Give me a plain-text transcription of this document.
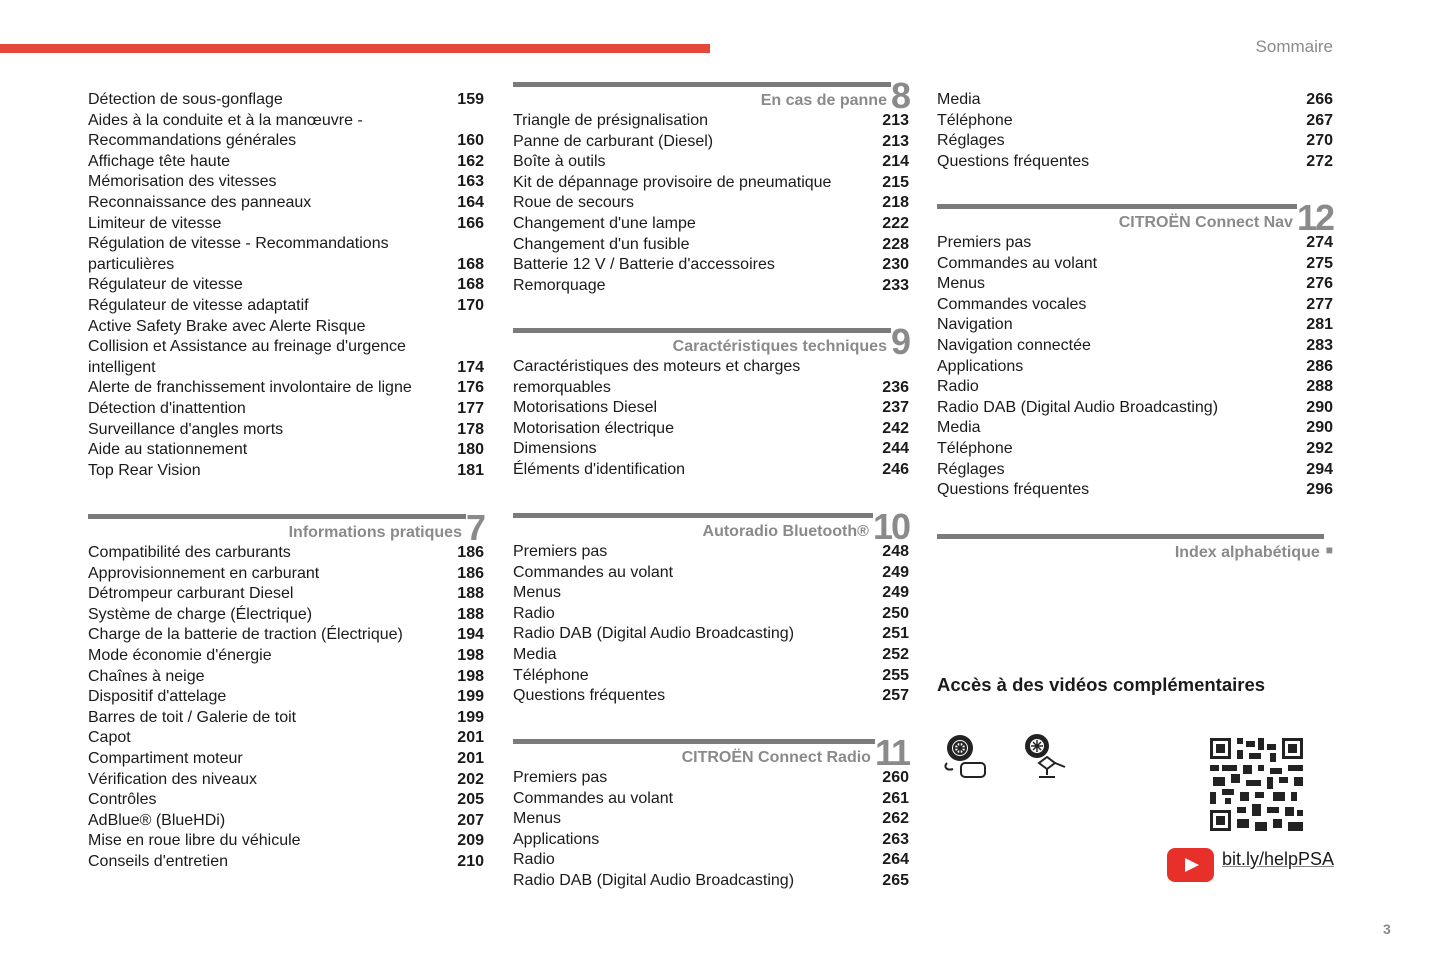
Sommaire
Détection de sous-gonflage	159
Aides à la conduite et à la manœuvre -
Recommandations générales	160
Affichage tête haute	162
Mémorisation des vitesses	163
Reconnaissance des panneaux	164
Limiteur de vitesse	166
Régulation de vitesse - Recommandations
particulières	168
Régulateur de vitesse	168
Régulateur de vitesse adaptatif	170
Active Safety Brake avec Alerte Risque
Collision et Assistance au freinage d'urgence
intelligent	174
Alerte de franchissement involontaire de ligne	176
Détection d'inattention	177
Surveillance d'angles morts	178
Aide au stationnement	180
Top Rear Vision	181
Informations pratiques 7
Compatibilité des carburants	186
Approvisionnement en carburant	186
Détrompeur carburant Diesel	188
Système de charge (Électrique)	188
Charge de la batterie de traction (Électrique)	194
Mode économie d'énergie	198
Chaînes à neige	198
Dispositif d'attelage	199
Barres de toit / Galerie de toit	199
Capot	201
Compartiment moteur	201
Vérification des niveaux	202
Contrôles	205
AdBlue® (BlueHDi)	207
Mise en roue libre du véhicule	209
Conseils d'entretien	210
En cas de panne 8
Triangle de présignalisation	213
Panne de carburant (Diesel)	213
Boîte à outils	214
Kit de dépannage provisoire de pneumatique	215
Roue de secours	218
Changement d'une lampe	222
Changement d'un fusible	228
Batterie 12 V / Batterie d'accessoires	230
Remorquage	233
Caractéristiques techniques 9
Caractéristiques des moteurs et charges
remorquables	236
Motorisations Diesel	237
Motorisation électrique	242
Dimensions	244
Éléments d'identification	246
Autoradio Bluetooth® 10
Premiers pas	248
Commandes au volant	249
Menus	249
Radio	250
Radio DAB (Digital Audio Broadcasting)	251
Media	252
Téléphone	255
Questions fréquentes	257
CITROËN Connect Radio 11
Premiers pas	260
Commandes au volant	261
Menus	262
Applications	263
Radio	264
Radio DAB (Digital Audio Broadcasting)	265
Media	266
Téléphone	267
Réglages	270
Questions fréquentes	272
CITROËN Connect Nav 12
Premiers pas	274
Commandes au volant	275
Menus	276
Commandes vocales	277
Navigation	281
Navigation connectée	283
Applications	286
Radio	288
Radio DAB (Digital Audio Broadcasting)	290
Media	290
Téléphone	292
Réglages	294
Questions fréquentes	296
Index alphabétique ■
Accès à des vidéos complémentaires
bit.ly/helpPSA
3
